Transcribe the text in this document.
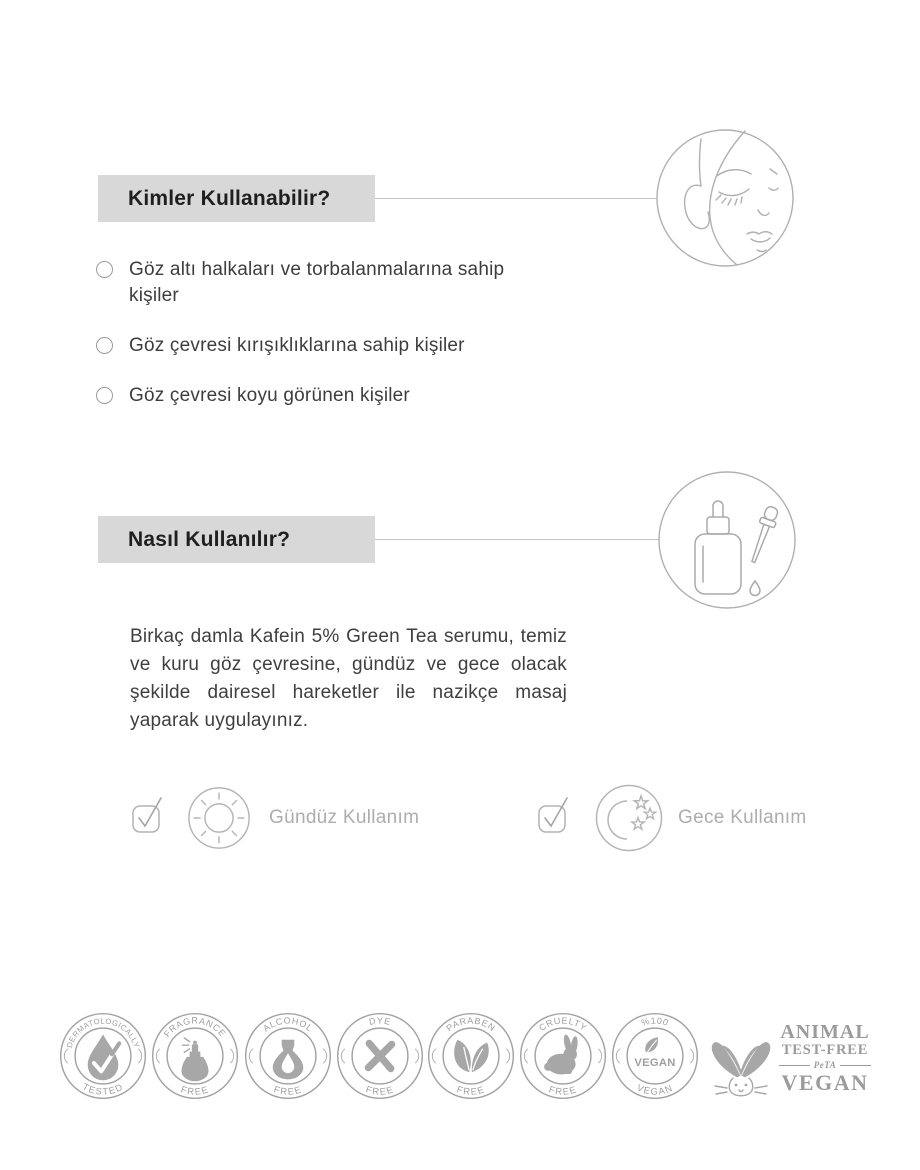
Kimler Kullanabilir?
Göz altı halkaları ve torbalanmalarına sahip kişiler
Göz çevresi kırışıklıklarına sahip kişiler
Göz çevresi koyu görünen kişiler
Nasıl Kullanılır?

Birkaç damla Kafein 5% Green Tea serumu, temiz ve kuru göz çevresine, gündüz ve gece olacak şekilde dairesel hareketler ile nazikçe masaj yaparak uygulayınız.

Gündüz Kullanım	Gece Kullanım
DERMATOLOGICALLY
TESTED
FRAGRANCE
FREE
ALCOHOL
FREE
DYE
FREE
PARABEN
FREE
CRUELTY
FREE
%100
VEGAN
VEGAN
ANIMAL
TEST-FREE
PeTA
VEGAN
